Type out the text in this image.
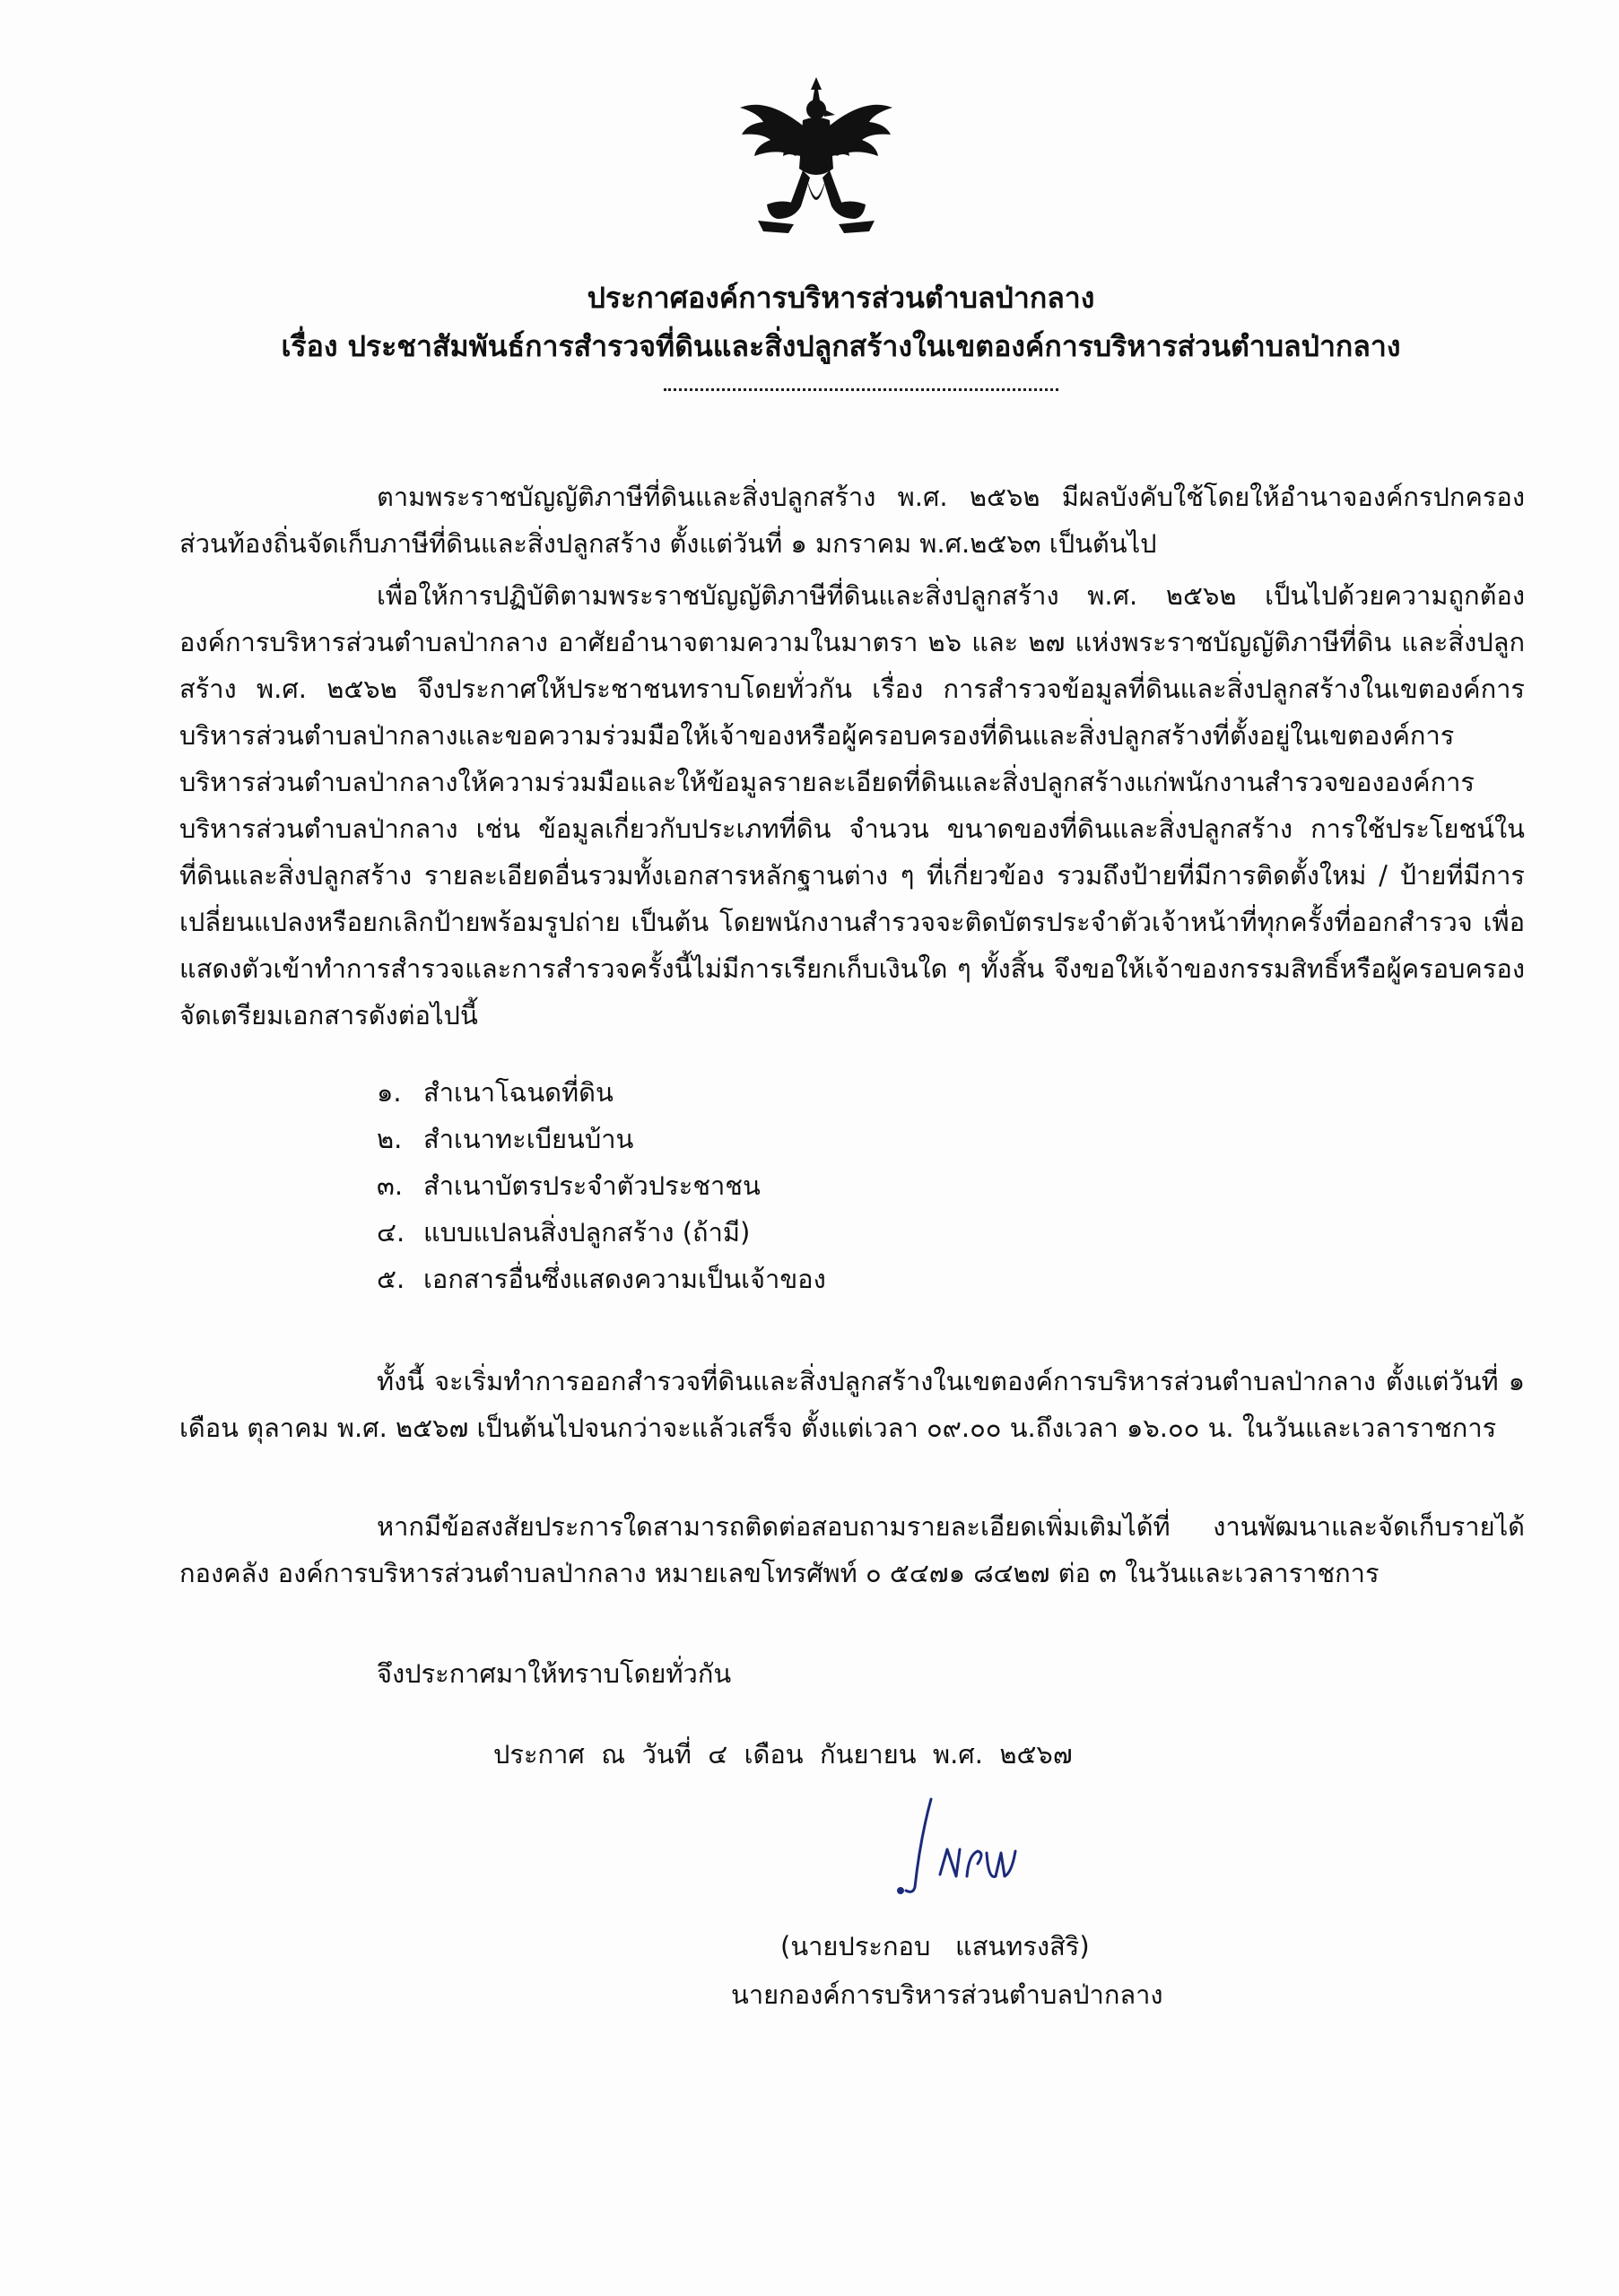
ประกาศองค์การบริหารส่วนตำบลป่ากลาง
เรื่อง ประชาสัมพันธ์การสำรวจที่ดินและสิ่งปลูกสร้างในเขตองค์การบริหารส่วนตำบลป่ากลาง
ตามพระราชบัญญัติภาษีที่ดินและสิ่งปลูกสร้าง พ.ศ. ๒๕๖๒ มีผลบังคับใช้โดยให้อำนาจองค์กรปกครองส่วนท้องถิ่นจัดเก็บภาษีที่ดินและสิ่งปลูกสร้าง ตั้งแต่วันที่ ๑ มกราคม พ.ศ.๒๕๖๓ เป็นต้นไป
เพื่อให้การปฏิบัติตามพระราชบัญญัติภาษีที่ดินและสิ่งปลูกสร้าง พ.ศ. ๒๕๖๒ เป็นไปด้วยความถูกต้อง องค์การบริหารส่วนตำบลป่ากลาง อาศัยอำนาจตามความในมาตรา ๒๖ และ ๒๗ แห่งพระราชบัญญัติภาษีที่ดิน และสิ่งปลูกสร้าง พ.ศ. ๒๕๖๒ จึงประกาศให้ประชาชนทราบโดยทั่วกัน เรื่อง การสำรวจข้อมูลที่ดินและสิ่งปลูกสร้างในเขตองค์การบริหารส่วนตำบลป่ากลางและขอความร่วมมือให้เจ้าของหรือผู้ครอบครองที่ดินและสิ่งปลูกสร้างที่ตั้งอยู่ในเขตองค์การบริหารส่วนตำบลป่ากลางให้ความร่วมมือและให้ข้อมูลรายละเอียดที่ดินและสิ่งปลูกสร้างแก่พนักงานสำรวจขององค์การบริหารส่วนตำบลป่ากลาง เช่น ข้อมูลเกี่ยวกับประเภทที่ดิน จำนวน ขนาดของที่ดินและสิ่งปลูกสร้าง การใช้ประโยชน์ในที่ดินและสิ่งปลูกสร้าง รายละเอียดอื่นรวมทั้งเอกสารหลักฐานต่าง ๆ ที่เกี่ยวข้อง รวมถึงป้ายที่มีการติดตั้งใหม่ / ป้ายที่มีการเปลี่ยนแปลงหรือยกเลิกป้ายพร้อมรูปถ่าย เป็นต้น โดยพนักงานสำรวจจะติดบัตรประจำตัวเจ้าหน้าที่ทุกครั้งที่ออกสำรวจ เพื่อแสดงตัวเข้าทำการสำรวจและการสำรวจครั้งนี้ไม่มีการเรียกเก็บเงินใด ๆ ทั้งสิ้น จึงขอให้เจ้าของกรรมสิทธิ์หรือผู้ครอบครองจัดเตรียมเอกสารดังต่อไปนี้
๑. สำเนาโฉนดที่ดิน
๒. สำเนาทะเบียนบ้าน
๓. สำเนาบัตรประจำตัวประชาชน
๔. แบบแปลนสิ่งปลูกสร้าง (ถ้ามี)
๕. เอกสารอื่นซึ่งแสดงความเป็นเจ้าของ
ทั้งนี้ จะเริ่มทำการออกสำรวจที่ดินและสิ่งปลูกสร้างในเขตองค์การบริหารส่วนตำบลป่ากลาง ตั้งแต่วันที่ ๑ เดือน ตุลาคม พ.ศ. ๒๕๖๗ เป็นต้นไปจนกว่าจะแล้วเสร็จ ตั้งแต่เวลา ๐๙.๐๐ น.ถึงเวลา ๑๖.๐๐ น. ในวันและเวลาราชการ
หากมีข้อสงสัยประการใดสามารถติดต่อสอบถามรายละเอียดเพิ่มเติมได้ที่ งานพัฒนาและจัดเก็บรายได้ กองคลัง องค์การบริหารส่วนตำบลป่ากลาง หมายเลขโทรศัพท์ ๐ ๕๔๗๑ ๘๔๒๗ ต่อ ๓ ในวันและเวลาราชการ
จึงประกาศมาให้ทราบโดยทั่วกัน
ประกาศ  ณ  วันที่  ๔  เดือน  กันยายน  พ.ศ.  ๒๕๖๗
(นายประกอบ   แสนทรงสิริ)
นายกองค์การบริหารส่วนตำบลป่ากลาง
